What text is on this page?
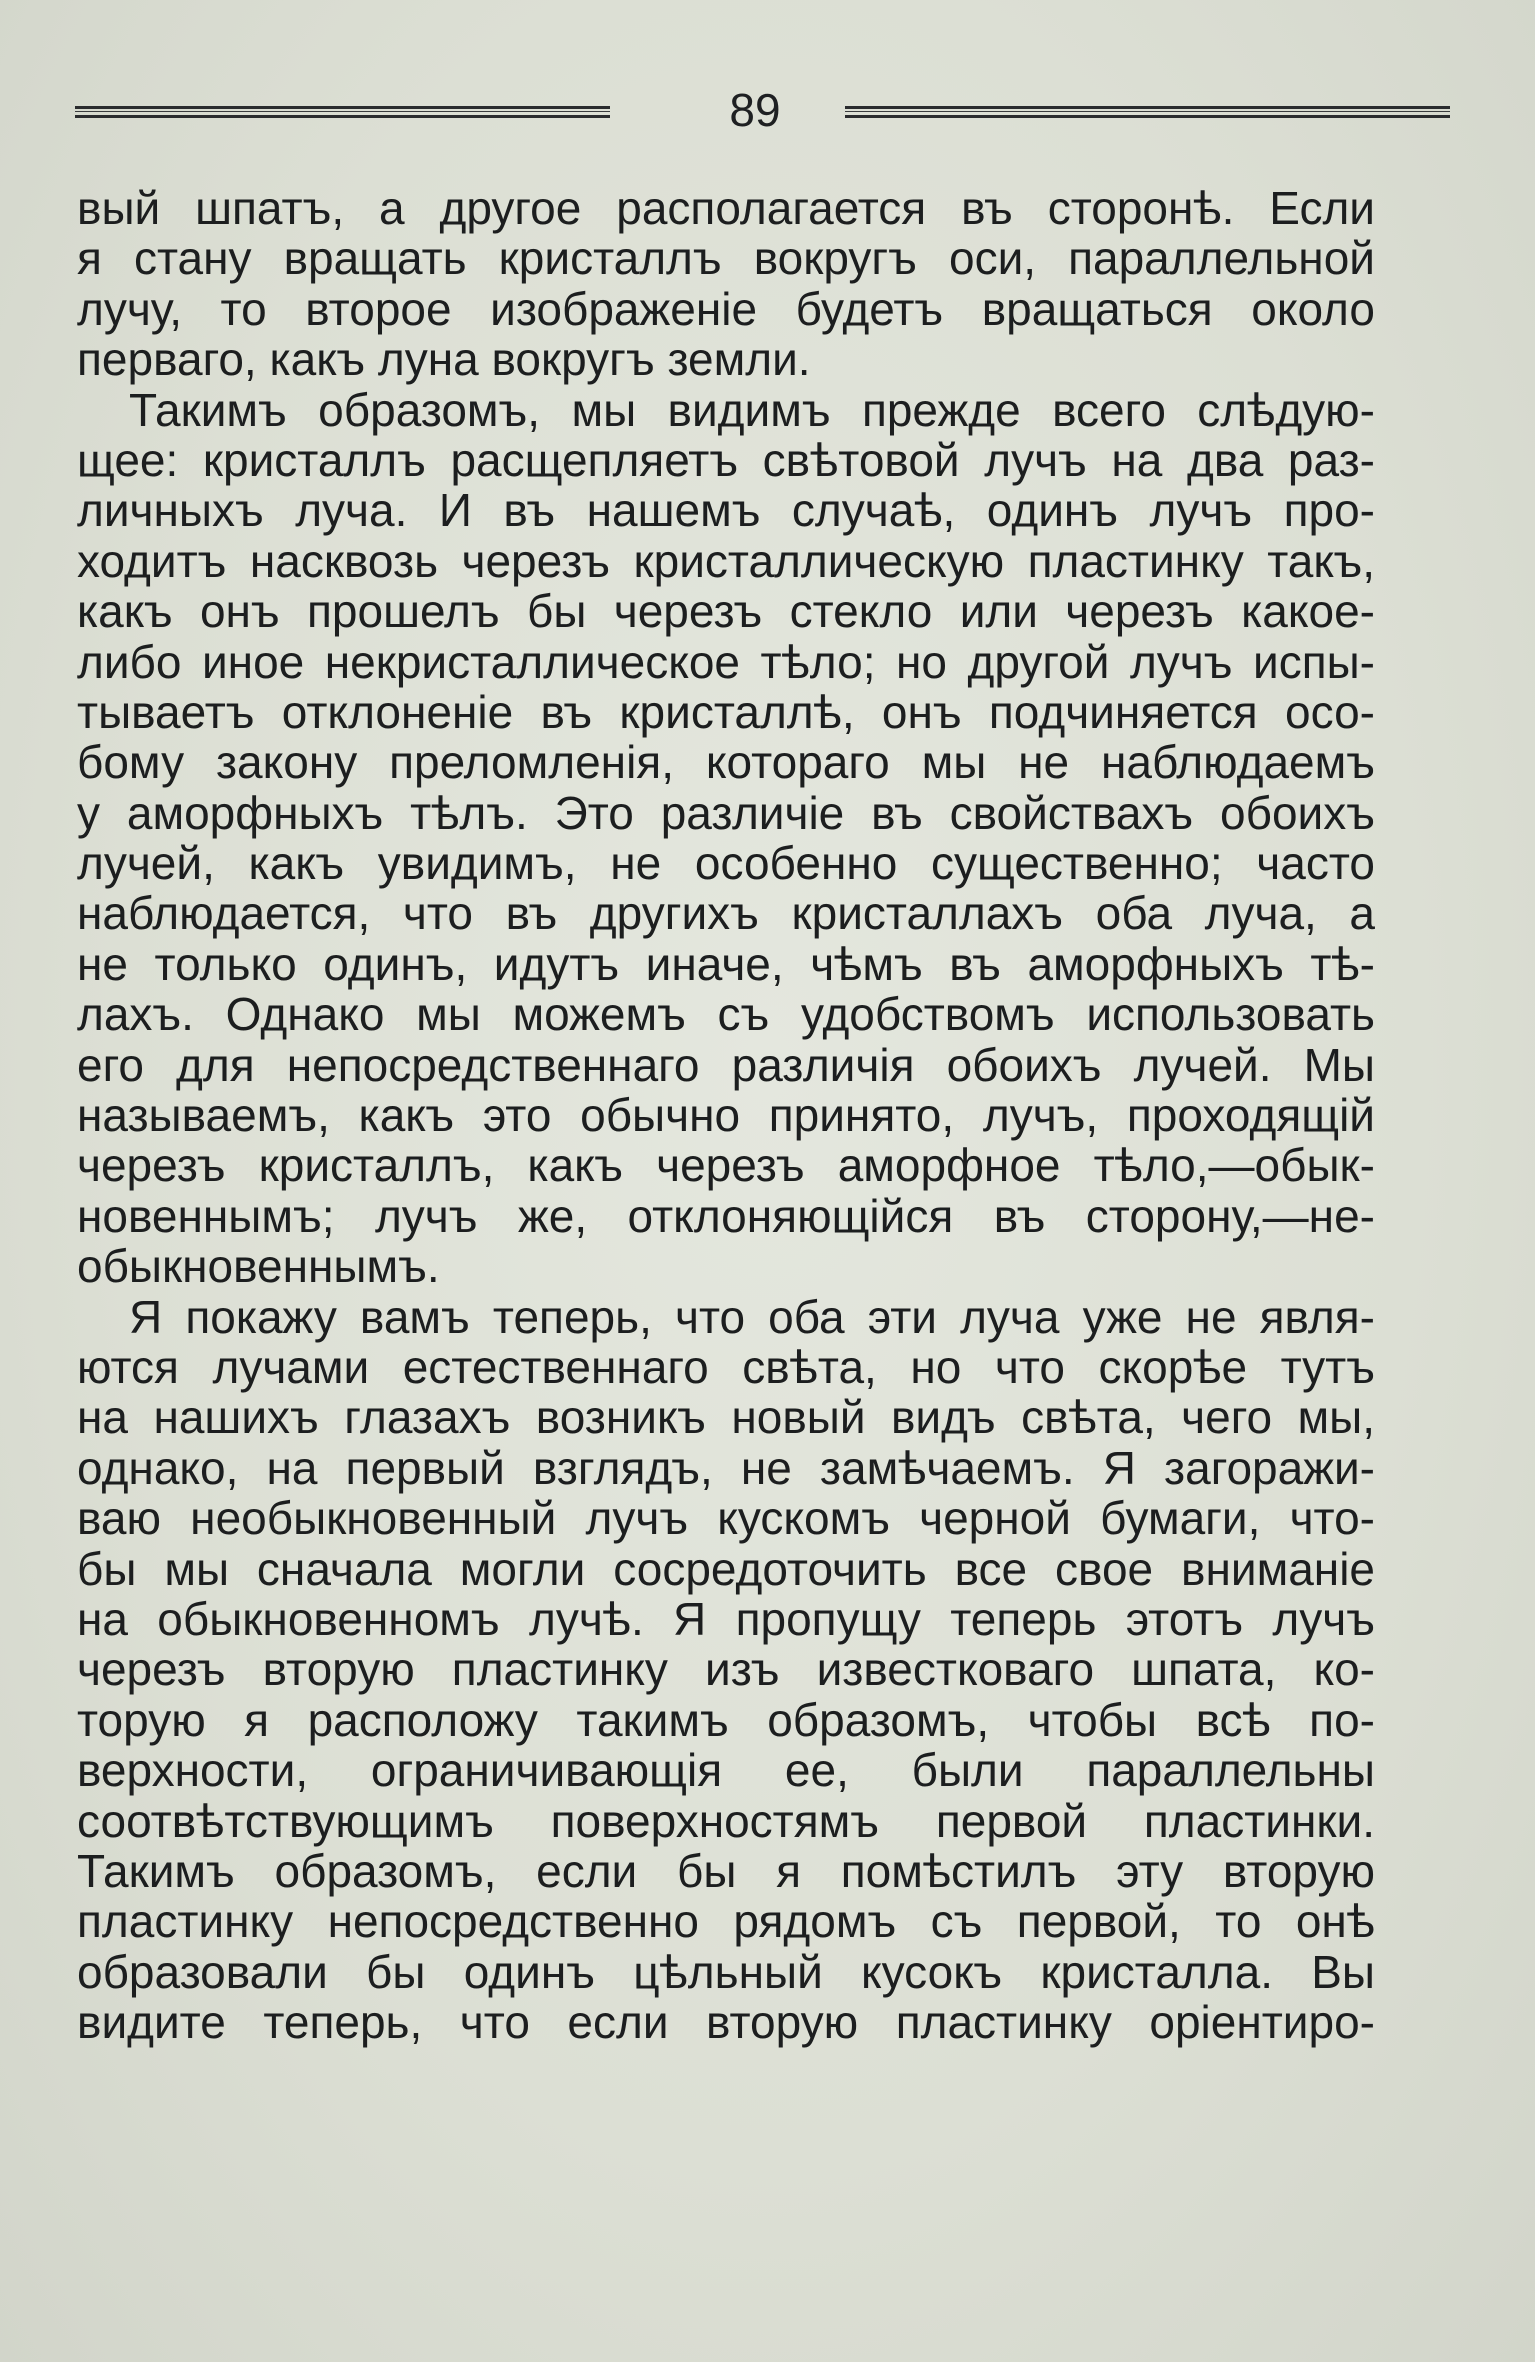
89
вый шпатъ, а другое располагается въ сторонѣ. Если
я стану вращать кристаллъ вокругъ оси, параллельной
лучу, то второе изображеніе будетъ вращаться около
перваго, какъ луна вокругъ земли.
Такимъ образомъ, мы видимъ прежде всего слѣдую-
щее: кристаллъ расщепляетъ свѣтовой лучъ на два раз-
личныхъ луча. И въ нашемъ случаѣ, одинъ лучъ про-
ходитъ насквозь черезъ кристаллическую пластинку такъ,
какъ онъ прошелъ бы черезъ стекло или черезъ какое-
либо иное некристаллическое тѣло; но другой лучъ испы-
тываетъ отклоненіе въ кристаллѣ, онъ подчиняется осо-
бому закону преломленія, котораго мы не наблюдаемъ
у аморфныхъ тѣлъ. Это различіе въ свойствахъ обоихъ
лучей, какъ увидимъ, не особенно существенно; часто
наблюдается, что въ другихъ кристаллахъ оба луча, а
не только одинъ, идутъ иначе, чѣмъ въ аморфныхъ тѣ-
лахъ. Однако мы можемъ съ удобствомъ использовать
его для непосредственнаго различія обоихъ лучей. Мы
называемъ, какъ это обычно принято, лучъ, проходящій
черезъ кристаллъ, какъ черезъ аморфное тѣло,—обык-
новеннымъ; лучъ же, отклоняющійся въ сторону,—не-
обыкновеннымъ.
Я покажу вамъ теперь, что оба эти луча уже не явля-
ются лучами естественнаго свѣта, но что скорѣе тутъ
на нашихъ глазахъ возникъ новый видъ свѣта, чего мы,
однако, на первый взглядъ, не замѣчаемъ. Я загоражи-
ваю необыкновенный лучъ кускомъ черной бумаги, что-
бы мы сначала могли сосредоточить все свое вниманіе
на обыкновенномъ лучѣ. Я пропущу теперь этотъ лучъ
черезъ вторую пластинку изъ известковаго шпата, ко-
торую я расположу такимъ образомъ, чтобы всѣ по-
верхности, ограничивающія ее, были параллельны
соотвѣтствующимъ поверхностямъ первой пластинки.
Такимъ образомъ, если бы я помѣстилъ эту вторую
пластинку непосредственно рядомъ съ первой, то онѣ
образовали бы одинъ цѣльный кусокъ кристалла. Вы
видите теперь, что если вторую пластинку оріентиро-
